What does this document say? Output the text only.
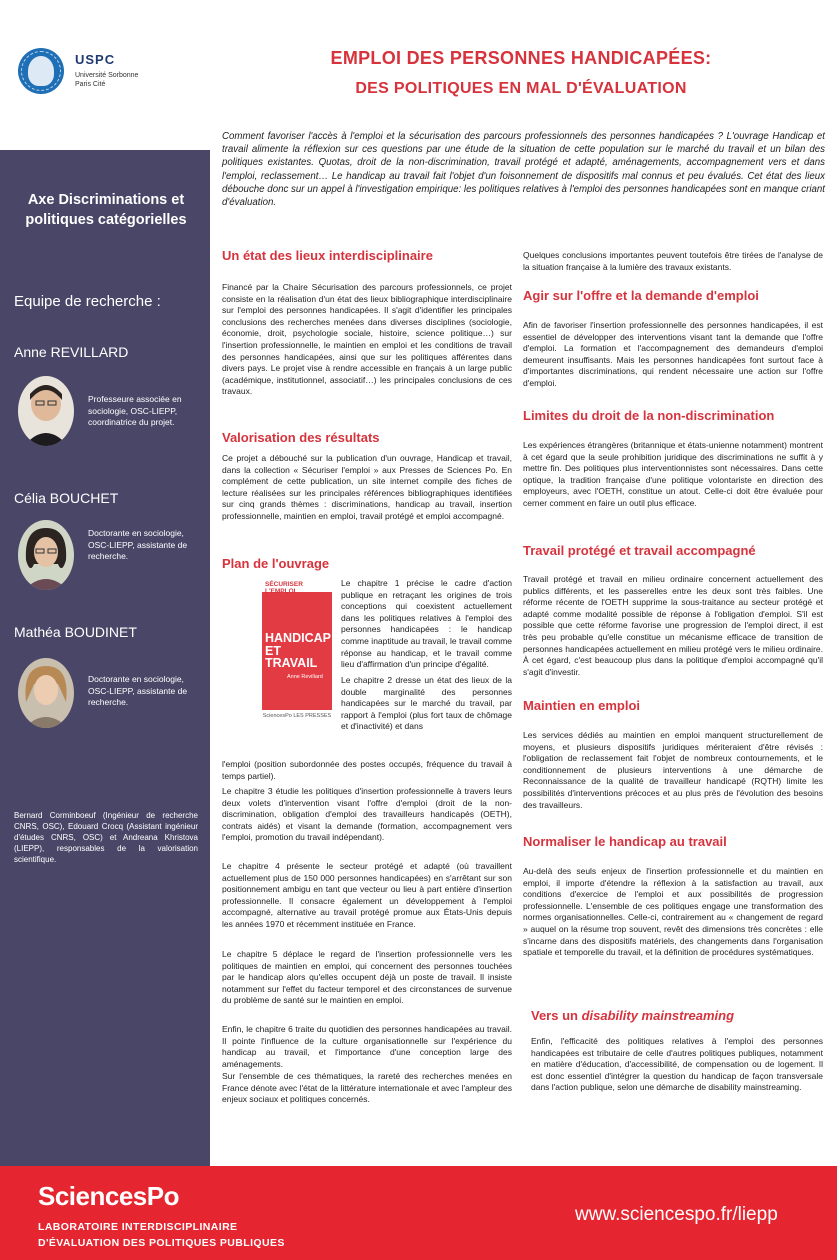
USPC
Université Sorbonne
Paris Cité
EMPLOI DES PERSONNES HANDICAPÉES:
DES POLITIQUES EN MAL D'ÉVALUATION
Comment favoriser l'accès à l'emploi et la sécurisation des parcours professionnels des personnes handicapées ? L'ouvrage Handicap et travail alimente la réflexion sur ces questions par une étude de la situation de cette population sur le marché du travail et un bilan des politiques existantes. Quotas, droit de la non-discrimination, travail protégé et adapté, aménagements, accompagnement vers et dans l'emploi, reclassement… Le handicap au travail fait l'objet d'un foisonnement de dispositifs mal connus et peu évalués. Cet état des lieux débouche donc sur un appel à l'investigation empirique: les politiques relatives à l'emploi des personnes handicapées sont en manque criant d'évaluation.
Axe Discriminations et politiques catégorielles
Equipe de recherche :
Anne REVILLARD
Professeure associée en sociologie, OSC-LIEPP, coordinatrice du projet.
Célia BOUCHET
Doctorante en sociologie, OSC-LIEPP, assistante de recherche.
Mathéa BOUDINET
Doctorante en sociologie, OSC-LIEPP, assistante de recherche.
Bernard Corminboeuf (Ingénieur de recherche CNRS, OSC), Edouard Crocq (Assistant ingénieur d'études CNRS, OSC) et Andreana Khristova (LIEPP), responsables de la valorisation scientifique.
Un état des lieux interdisciplinaire
Financé par la Chaire Sécurisation des parcours professionnels, ce projet consiste en la réalisation d'un état des lieux bibliographique interdisciplinaire sur l'emploi des personnes handicapées. Il s'agit d'identifier les principales conclusions des recherches menées dans diverses disciplines (sociologie, économie, droit, psychologie sociale, histoire, science politique…) sur l'insertion professionnelle, le maintien en emploi et les conditions de travail des personnes handicapées, ainsi que sur les politiques afférentes dans divers pays. Le projet vise à rendre accessible en français à un large public (académique, institutionnel, associatif…) les principales conclusions de ces travaux.
Valorisation des résultats
Ce projet a débouché sur la publication d'un ouvrage, Handicap et travail, dans la collection « Sécuriser l'emploi » aux Presses de Sciences Po. En complément de cette publication, un site internet compile des fiches de lecture réalisées sur les principales références bibliographiques identifiées sur cinq grands thèmes : discriminations, handicap au travail, insertion professionnelle, maintien en emploi, travail protégé et emploi accompagné.
Plan de l'ouvrage
SÉCURISER L'EMPLOI
HANDICAP ET TRAVAIL
Anne Revillard
SciencesPo LES PRESSES
Le chapitre 1 précise le cadre d'action publique en retraçant les origines de trois conceptions qui coexistent actuellement dans les politiques relatives à l'emploi des personnes handicapées : le handicap comme inaptitude au travail, le travail comme réponse au handicap, et le travail comme lieu d'affirmation d'un principe d'égalité.
Le chapitre 2 dresse un état des lieux de la double marginalité des personnes handicapées sur le marché du travail, par rapport à l'emploi (plus fort taux de chômage et d'inactivité) et dans
l'emploi (position subordonnée des postes occupés, fréquence du travail à temps partiel).
Le chapitre 3 étudie les politiques d'insertion professionnelle à travers leurs deux volets d'intervention visant l'offre d'emploi (droit de la non-discrimination, obligation d'emploi des travailleurs handicapés (OETH), contrats aidés) et visant la demande (formation, accompagnement vers l'emploi, promotion du travail indépendant).
Le chapitre 4 présente le secteur protégé et adapté (où travaillent actuellement plus de 150 000 personnes handicapées) en s'arrêtant sur son positionnement ambigu en tant que vecteur ou lieu à part entière d'insertion professionnelle. Il consacre également un développement à l'emploi accompagné, alternative au travail protégé promue aux États-Unis depuis les années 1970 et récemment instituée en France.
Le chapitre 5 déplace le regard de l'insertion professionnelle vers les politiques de maintien en emploi, qui concernent des personnes touchées par le handicap alors qu'elles occupent déjà un poste de travail. Il insiste notamment sur l'effet du facteur temporel et des circonstances de survenue du problème de santé sur le maintien en emploi.
Enfin, le chapitre 6 traite du quotidien des personnes handicapées au travail. Il pointe l'influence de la culture organisationnelle sur l'expérience du handicap au travail, et l'importance d'une conception large des aménagements.
Sur l'ensemble de ces thématiques, la rareté des recherches menées en France dénote avec l'état de la littérature internationale et avec l'ampleur des enjeux sociaux et politiques concernés.
Quelques conclusions importantes peuvent toutefois être tirées de l'analyse de la situation française à la lumière des travaux existants.
Agir sur l'offre et la demande d'emploi
Afin de favoriser l'insertion professionnelle des personnes handicapées, il est essentiel de développer des interventions visant tant la demande que l'offre d'emploi. La formation et l'accompagnement des demandeurs d'emploi demeurent insuffisants. Mais les personnes handicapées font surtout face à d'importantes discriminations, qui rendent nécessaire une action sur l'offre d'emploi.
Limites du droit de la non-discrimination
Les expériences étrangères (britannique et états-unienne notamment) montrent à cet égard que la seule prohibition juridique des discriminations ne suffit à y mettre fin. Des politiques plus interventionnistes sont nécessaires. Dans cette optique, la tradition française d'une politique volontariste en direction des employeurs, avec l'OETH, constitue un atout. Celle-ci doit être évaluée pour cerner comment en faire un outil plus efficace.
Travail protégé et travail accompagné
Travail protégé et travail en milieu ordinaire concernent actuellement des publics différents, et les passerelles entre les deux sont très faibles. Une réforme récente de l'OETH supprime la sous-traitance au secteur protégé et adapté comme modalité possible de réponse à l'obligation d'emploi. S'il est possible que cette réforme favorise une progression de l'emploi direct, il est très peu probable qu'elle constitue un mécanisme efficace de transition de personnes handicapées actuellement en milieu protégé vers le milieu ordinaire. À cet égard, c'est beaucoup plus dans la politique d'emploi accompagné qu'il s'agit d'investir.
Maintien en emploi
Les services dédiés au maintien en emploi manquent structurellement de moyens, et plusieurs dispositifs juridiques mériteraient d'être révisés : l'obligation de reclassement fait l'objet de nombreux contournements, et le conditionnement de plusieurs interventions à une démarche de Reconnaissance de la qualité de travailleur handicapé (RQTH) limite les possibilités d'interventions précoces et au plus près de l'évolution des besoins des travailleurs.
Normaliser le handicap au travail
Au-delà des seuls enjeux de l'insertion professionnelle et du maintien en emploi, il importe d'étendre la réflexion à la satisfaction au travail, aux conditions d'exercice de l'emploi et aux possibilités de progression professionnelle. L'ensemble de ces politiques engage une transformation des normes organisationnelles. Celle-ci, contrairement au « changement de regard » auquel on la résume trop souvent, revêt des dimensions très concrètes : elle s'incarne dans des dispositifs matériels, des changements dans l'organisation spatiale et temporelle du travail, et la définition de procédures systématiques.
Vers un disability mainstreaming
Enfin, l'efficacité des politiques relatives à l'emploi des personnes handicapées est tributaire de celle d'autres politiques publiques, notamment en matière d'éducation, d'accessibilité, de compensation ou de logement. Il est donc essentiel d'intégrer la question du handicap de façon transversale dans l'action publique, selon une démarche de disability mainstreaming.
SciencesPo
LABORATOIRE INTERDISCIPLINAIRE
D'ÉVALUATION DES POLITIQUES PUBLIQUES
www.sciencespo.fr/liepp
